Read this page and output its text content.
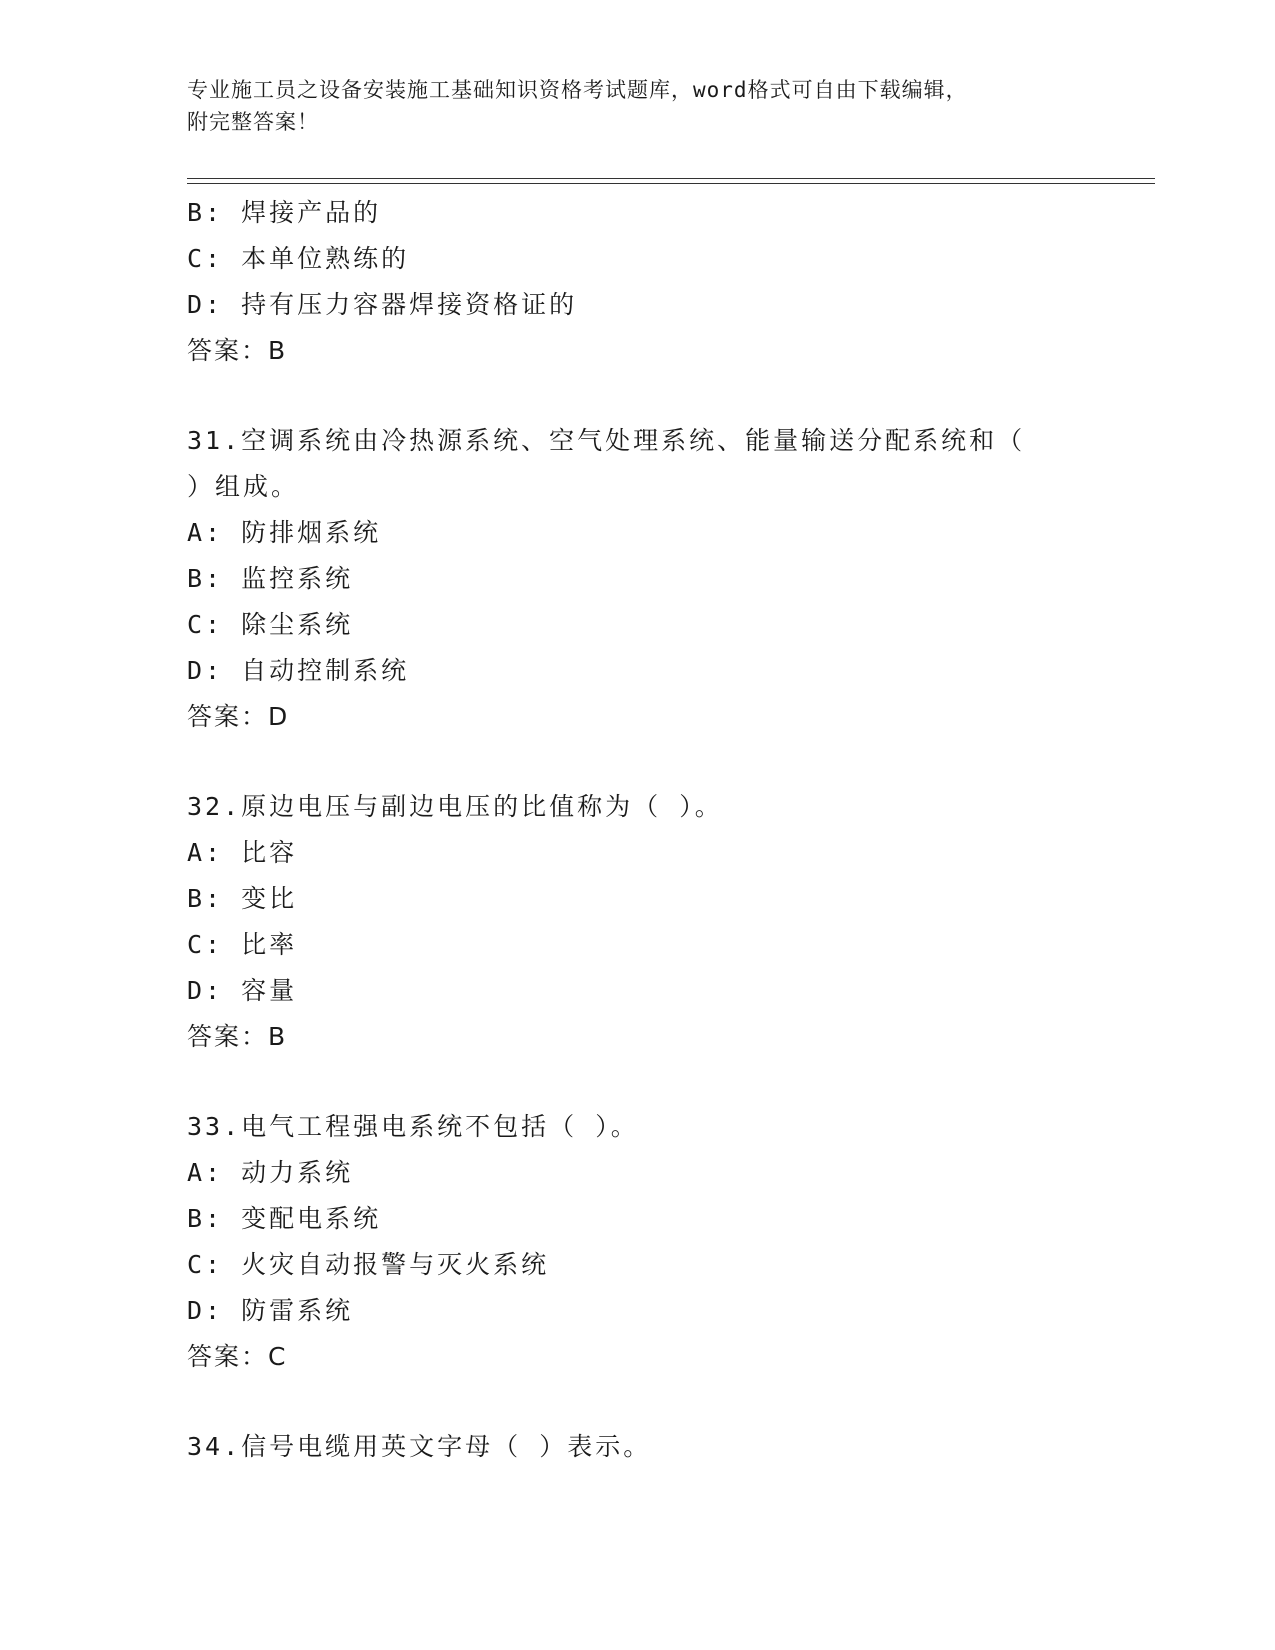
专业施工员之设备安装施工基础知识资格考试题库，word格式可自由下载编辑，
附完整答案！
B: 焊接产品的
C: 本单位熟练的
D: 持有压力容器焊接资格证的
答案：B
31.空调系统由冷热源系统、空气处理系统、能量输送分配系统和（
）组成。
A: 防排烟系统
B: 监控系统
C: 除尘系统
D: 自动控制系统
答案：D
32.原边电压与副边电压的比值称为（ ）。
A: 比容
B: 变比
C: 比率
D: 容量
答案：B
33.电气工程强电系统不包括（ ）。
A: 动力系统
B: 变配电系统
C: 火灾自动报警与灭火系统
D: 防雷系统
答案：C
34.信号电缆用英文字母（ ）表示。
